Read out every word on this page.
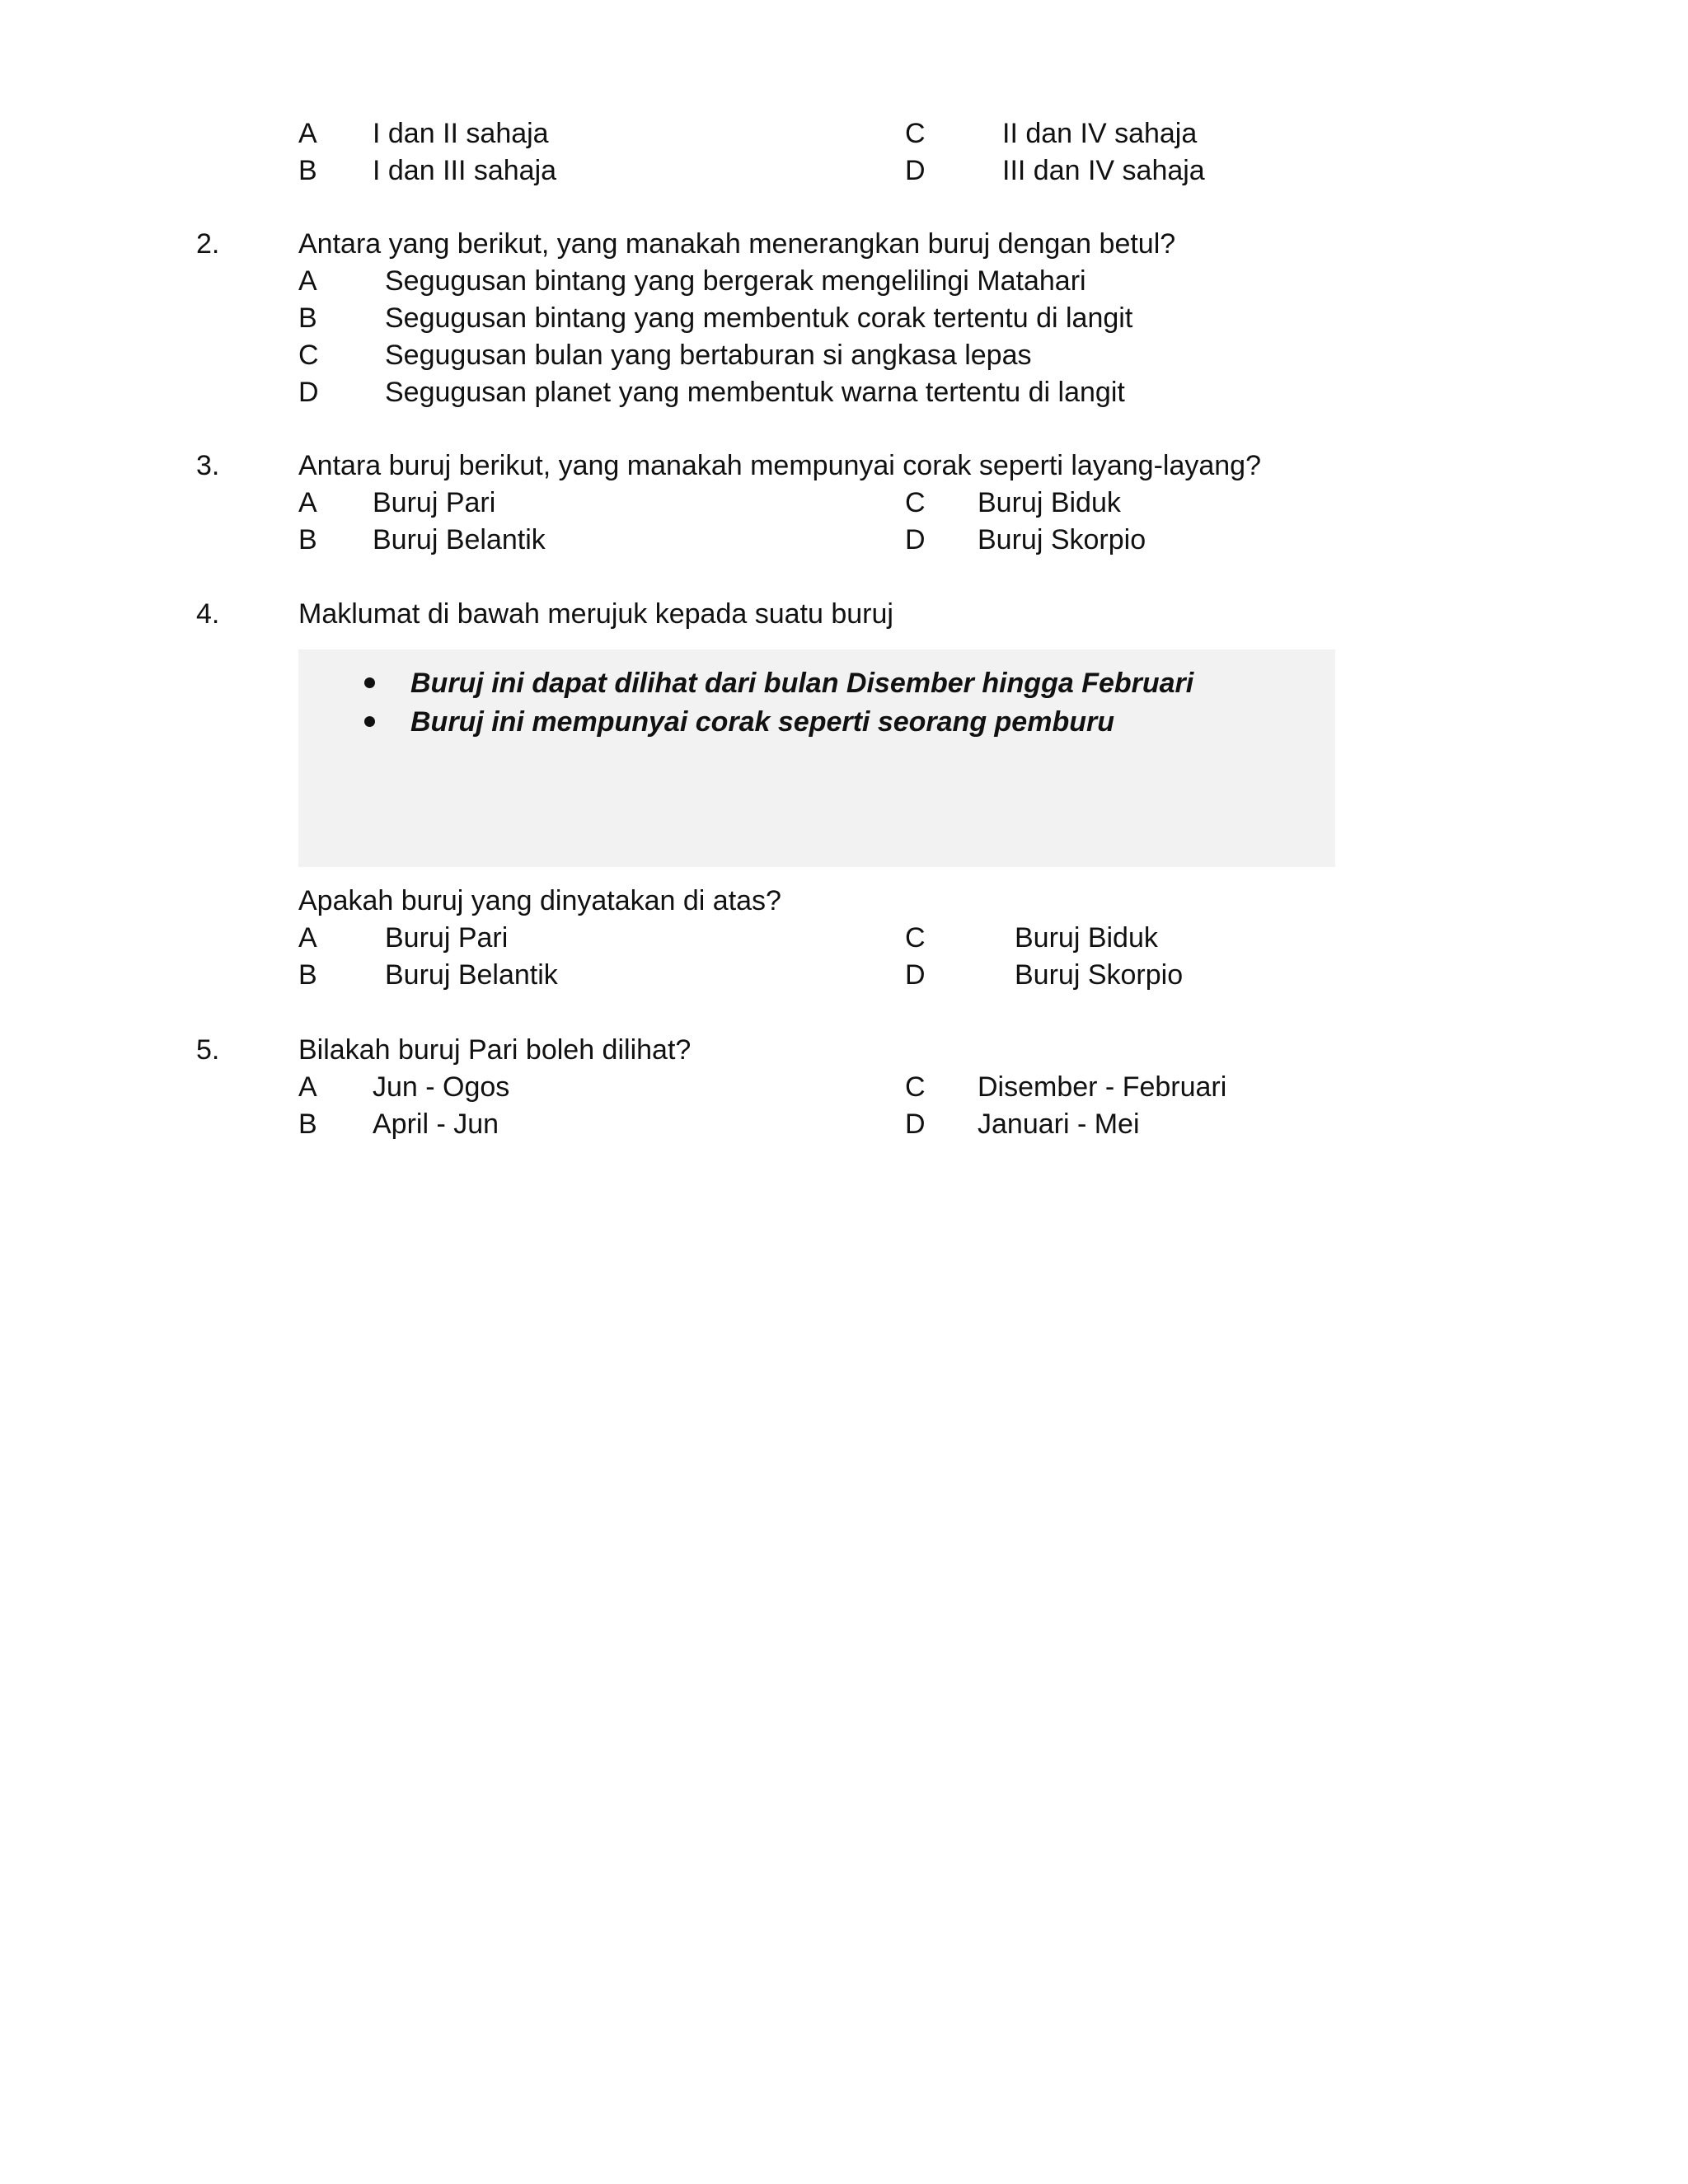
A I dan II sahaja
B I dan III sahaja
C	II dan IV sahaja
D	III dan IV sahaja
2.	Antara yang berikut, yang manakah menerangkan buruj dengan betul?
A Segugusan bintang yang bergerak mengelilingi Matahari
B Segugusan bintang yang membentuk corak tertentu di langit
C Segugusan bulan yang bertaburan si angkasa lepas
D Segugusan planet yang membentuk warna tertentu di langit
3.	Antara buruj berikut, yang manakah mempunyai corak seperti layang-layang?
A Buruj Pari
B Buruj Belantik
C Buruj Biduk
D Buruj Skorpio
4.	Maklumat di bawah merujuk kepada suatu buruj
Buruj ini dapat dilihat dari bulan Disember hingga Februari
Buruj ini mempunyai corak seperti seorang pemburu
Apakah buruj yang dinyatakan di atas?
A Buruj Pari
B Buruj Belantik
C	Buruj Biduk
D	Buruj Skorpio
5.	Bilakah buruj Pari boleh dilihat?
A Jun - Ogos
B April - Jun
C Disember - Februari
D Januari - Mei
